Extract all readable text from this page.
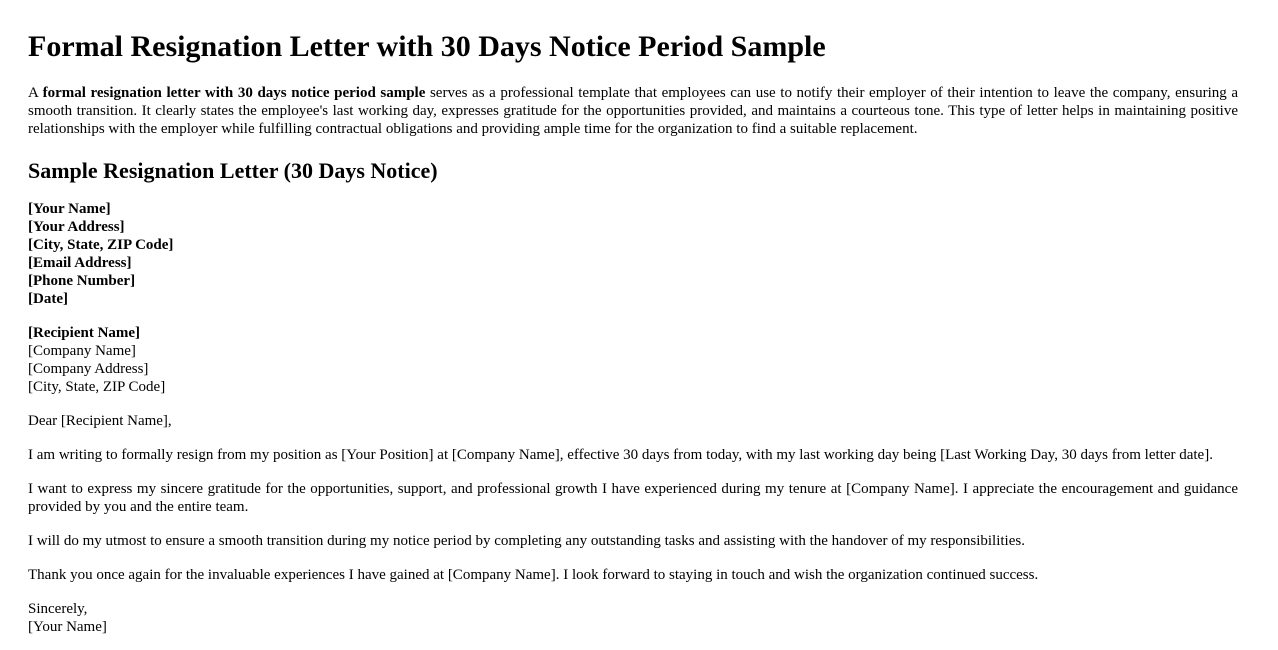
Formal Resignation Letter with 30 Days Notice Period Sample

A formal resignation letter with 30 days notice period sample serves as a professional template that employees can use to notify their employer of their intention to leave the company, ensuring a smooth transition. It clearly states the employee's last working day, expresses gratitude for the opportunities provided, and maintains a courteous tone. This type of letter helps in maintaining positive relationships with the employer while fulfilling contractual obligations and providing ample time for the organization to find a suitable replacement.

Sample Resignation Letter (30 Days Notice)
[Your Name]
[Your Address]
[City, State, ZIP Code]
[Email Address]
[Phone Number]
[Date]
[Recipient Name]
[Company Name]
[Company Address]
[City, State, ZIP Code]

Dear [Recipient Name],

I am writing to formally resign from my position as [Your Position] at [Company Name], effective 30 days from today, with my last working day being [Last Working Day, 30 days from letter date].

I want to express my sincere gratitude for the opportunities, support, and professional growth I have experienced during my tenure at [Company Name]. I appreciate the encouragement and guidance provided by you and the entire team.

I will do my utmost to ensure a smooth transition during my notice period by completing any outstanding tasks and assisting with the handover of my responsibilities.

Thank you once again for the invaluable experiences I have gained at [Company Name]. I look forward to staying in touch and wish the organization continued success.

Sincerely,
[Your Name]
